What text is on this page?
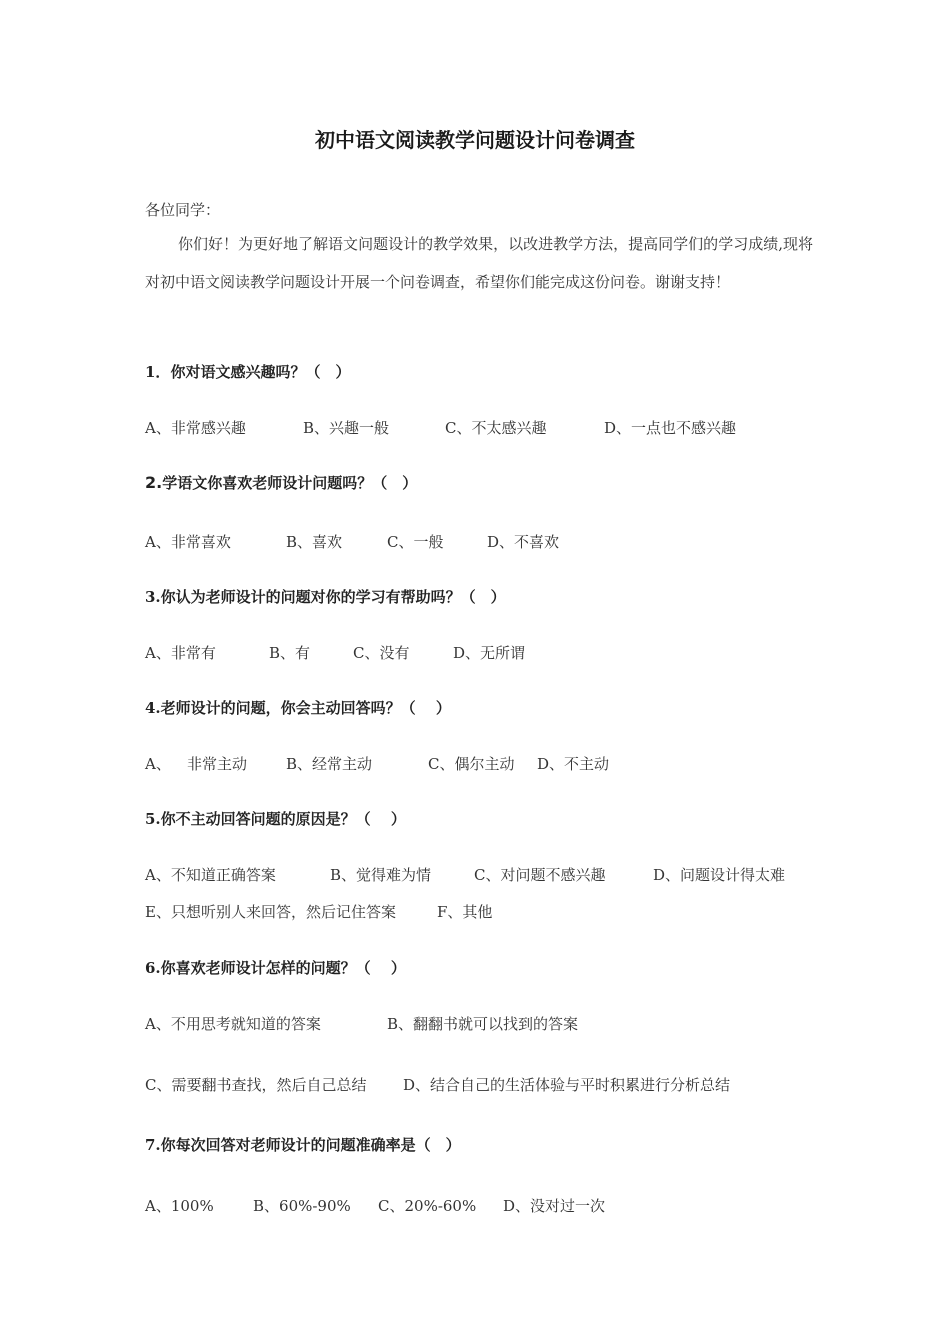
初中语文阅读教学问题设计问卷调查
各位同学：
你们好！为更好地了解语文问题设计的教学效果，以改进教学方法，提高同学们的学习成绩,现将对初中语文阅读教学问题设计开展一个问卷调查，希望你们能完成这份问卷。谢谢支持！
1．你对语文感兴趣吗？（　）
A、非常感兴趣	B、兴趣一般	C、不太感兴趣	D、一点也不感兴趣
2.学语文你喜欢老师设计问题吗？（　）
A、非常喜欢	B、喜欢	C、一般	D、不喜欢
3.你认为老师设计的问题对你的学习有帮助吗？（　）
A、非常有	B、有	C、没有	D、无所谓
4.老师设计的问题，你会主动回答吗？（　 ）
A、 非常主动	B、经常主动	C、偶尔主动 D、不主动
5.你不主动回答问题的原因是？（　 ）
A、不知道正确答案	B、觉得难为情	C、对问题不感兴趣	D、问题设计得太难
E、只想听别人来回答，然后记住答案	F、其他
6.你喜欢老师设计怎样的问题？（　 ）
A、不用思考就知道的答案	B、翻翻书就可以找到的答案
C、需要翻书查找，然后自己总结 D、结合自己的生活体验与平时积累进行分析总结
7.你每次回答对老师设计的问题准确率是（　）
A、100%	B、60%-90% C、20%-60% D、没对过一次
